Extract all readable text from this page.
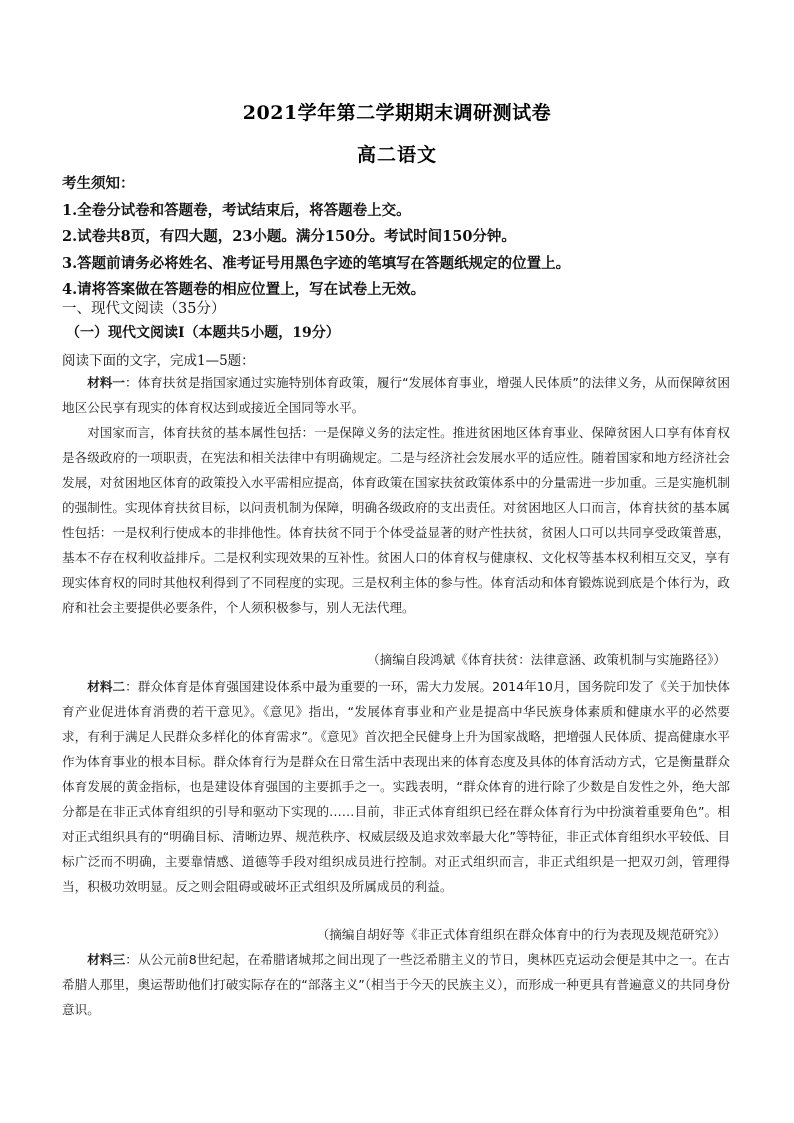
2021学年第二学期期末调研测试卷
高二语文
考生须知：
1.全卷分试卷和答题卷，考试结束后，将答题卷上交。
2.试卷共8页，有四大题，23小题。满分150分。考试时间150分钟。
3.答题前请务必将姓名、准考证号用黑色字迹的笔填写在答题纸规定的位置上。
4.请将答案做在答题卷的相应位置上，写在试卷上无效。
一、现代文阅读（35分）
（一）现代文阅读Ⅰ（本题共5小题，19分）
阅读下面的文字，完成1—5题：

材料一：体育扶贫是指国家通过实施特别体育政策，履行“发展体育事业，增强人民体质”的法律义务，从而保障贫困地区公民享有现实的体育权达到或接近全国同等水平。

对国家而言，体育扶贫的基本属性包括：一是保障义务的法定性。推进贫困地区体育事业、保障贫困人口享有体育权是各级政府的一项职责，在宪法和相关法律中有明确规定。二是与经济社会发展水平的适应性。随着国家和地方经济社会发展，对贫困地区体育的政策投入水平需相应提高，体育政策在国家扶贫政策体系中的分量需进一步加重。三是实施机制的强制性。实现体育扶贫目标，以问责机制为保障，明确各级政府的支出责任。对贫困地区人口而言，体育扶贫的基本属性包括：一是权利行使成本的非排他性。体育扶贫不同于个体受益显著的财产性扶贫，贫困人口可以共同享受政策普惠，基本不存在权利收益排斥。二是权利实现效果的互补性。贫困人口的体育权与健康权、文化权等基本权利相互交叉，享有现实体育权的同时其他权利得到了不同程度的实现。三是权利主体的参与性。体育活动和体育锻炼说到底是个体行为，政府和社会主要提供必要条件，个人须积极参与，别人无法代理。

（摘编自段鸿斌《体育扶贫：法律意涵、政策机制与实施路径》）

材料二：群众体育是体育强国建设体系中最为重要的一环，需大力发展。2014年10月，国务院印发了《关于加快体育产业促进体育消费的若干意见》。《意见》指出，“发展体育事业和产业是提高中华民族身体素质和健康水平的必然要求，有利于满足人民群众多样化的体育需求”。《意见》首次把全民健身上升为国家战略，把增强人民体质、提高健康水平作为体育事业的根本目标。群众体育行为是群众在日常生活中表现出来的体育态度及具体的体育活动方式，它是衡量群众体育发展的黄金指标，也是建设体育强国的主要抓手之一。实践表明，“群众体育的进行除了少数是自发性之外，绝大部分都是在非正式体育组织的引导和驱动下实现的……目前，非正式体育组织已经在群众体育行为中扮演着重要角色”。相对正式组织具有的“明确目标、清晰边界、规范秩序、权威层级及追求效率最大化”等特征，非正式体育组织水平较低、目标广泛而不明确，主要靠情感、道德等手段对组织成员进行控制。对正式组织而言，非正式组织是一把双刃剑，管理得当，积极功效明显。反之则会阻碍或破坏正式组织及所属成员的利益。

（摘编自胡好等《非正式体育组织在群众体育中的行为表现及规范研究》）

材料三：从公元前8世纪起，在希腊诸城邦之间出现了一些泛希腊主义的节日，奥林匹克运动会便是其中之一。在古希腊人那里，奥运帮助他们打破实际存在的“部落主义”（相当于今天的民族主义），而形成一种更具有普遍意义的共同身份意识。
